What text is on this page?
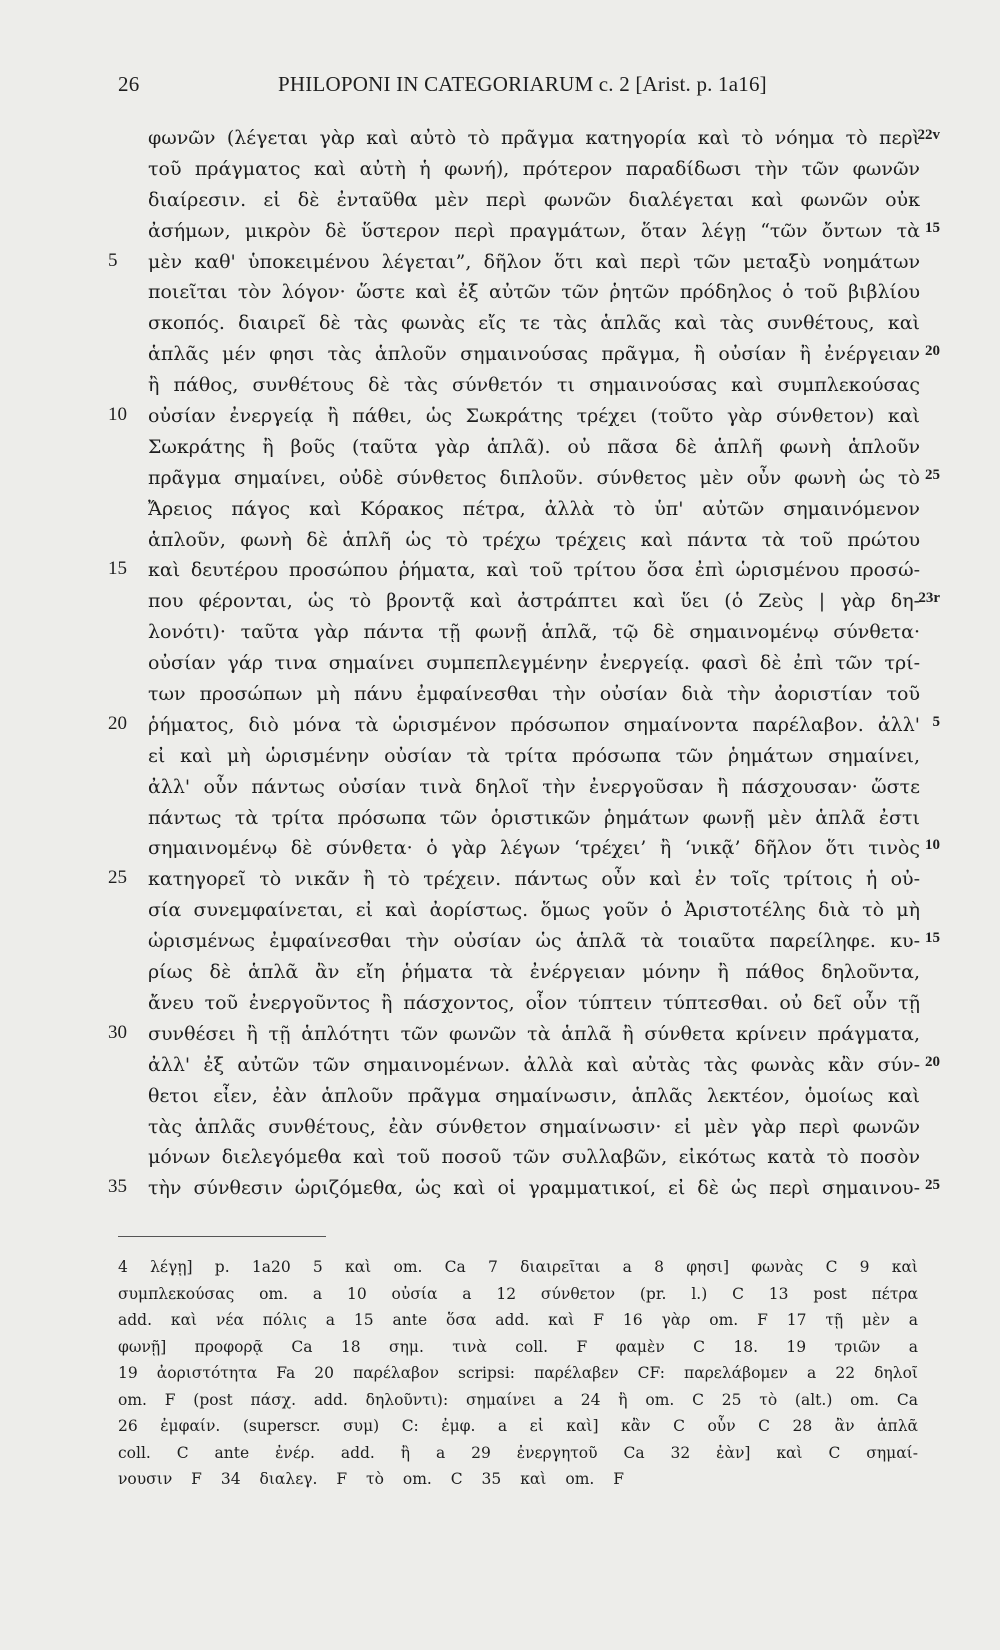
26	PHILOPONI IN CATEGORIARUM c. 2 [Arist. p. 1a16]
φωνῶν (λέγεται γὰρ καὶ αὐτὸ τὸ πρᾶγμα κατηγορία καὶ τὸ νόημα τὸ περὶ
22v
τοῦ πράγματος καὶ αὐτὴ ἡ φωνή), πρότερον παραδίδωσι τὴν τῶν φωνῶν
διαίρεσιν. εἰ δὲ ἐνταῦθα μὲν περὶ φωνῶν διαλέγεται καὶ φωνῶν οὐκ
ἀσήμων, μικρὸν δὲ ὕστερον περὶ πραγμάτων, ὅταν λέγῃ “τῶν ὄντων τὰ 15
5	μὲν καθ' ὑποκειμένου λέγεται”, δῆλον ὅτι καὶ περὶ τῶν μεταξὺ νοημάτων
ποιεῖται τὸν λόγον· ὥστε καὶ ἐξ αὐτῶν τῶν ῥητῶν πρόδηλος ὁ τοῦ βιβλίου
σκοπός. διαιρεῖ δὲ τὰς φωνὰς εἴς τε τὰς ἁπλᾶς καὶ τὰς συνθέτους, καὶ
ἁπλᾶς μέν φησι τὰς ἁπλοῦν σημαινούσας πρᾶγμα, ἢ οὐσίαν ἢ ἐνέργειαν 20
ἢ πάθος, συνθέτους δὲ τὰς σύνθετόν τι σημαινούσας καὶ συμπλεκούσας
10	οὐσίαν ἐνεργείᾳ ἢ πάθει, ὡς Σωκράτης τρέχει (τοῦτο γὰρ σύνθετον) καὶ
Σωκράτης ἢ βοῦς (ταῦτα γὰρ ἁπλᾶ). οὐ πᾶσα δὲ ἁπλῆ φωνὴ ἁπλοῦν
πρᾶγμα σημαίνει, οὐδὲ σύνθετος διπλοῦν. σύνθετος μὲν οὖν φωνὴ ὡς τὸ 25
Ἄρειος πάγος καὶ Κόρακος πέτρα, ἀλλὰ τὸ ὑπ' αὐτῶν σημαινόμενον
ἁπλοῦν, φωνὴ δὲ ἁπλῆ ὡς τὸ τρέχω τρέχεις καὶ πάντα τὰ τοῦ πρώτου
15	καὶ δευτέρου προσώπου ῥήματα, καὶ τοῦ τρίτου ὅσα ἐπὶ ὡρισμένου προσώ-
που φέρονται, ὡς τὸ βροντᾷ καὶ ἀστράπτει καὶ ὕει (ὁ Ζεὺς | γὰρ δη-
23r
λονότι)· ταῦτα γὰρ πάντα τῇ φωνῇ ἁπλᾶ, τῷ δὲ σημαινομένῳ σύνθετα·
οὐσίαν γάρ τινα σημαίνει συμπεπλεγμένην ἐνεργείᾳ. φασὶ δὲ ἐπὶ τῶν τρί-
των προσώπων μὴ πάνυ ἐμφαίνεσθαι τὴν οὐσίαν διὰ τὴν ἀοριστίαν τοῦ
20	ῥήματος, διὸ μόνα τὰ ὡρισμένον πρόσωπον σημαίνοντα παρέλαβον. ἀλλ' 5
εἰ καὶ μὴ ὡρισμένην οὐσίαν τὰ τρίτα πρόσωπα τῶν ῥημάτων σημαίνει,
ἀλλ' οὖν πάντως οὐσίαν τινὰ δηλοῖ τὴν ἐνεργοῦσαν ἢ πάσχουσαν· ὥστε
πάντως τὰ τρίτα πρόσωπα τῶν ὁριστικῶν ῥημάτων φωνῇ μὲν ἁπλᾶ ἐστι
σημαινομένῳ δὲ σύνθετα· ὁ γὰρ λέγων ‘τρέχει’ ἢ ‘νικᾷ’ δῆλον ὅτι τινὸς 10
25	κατηγορεῖ τὸ νικᾶν ἢ τὸ τρέχειν. πάντως οὖν καὶ ἐν τοῖς τρίτοις ἡ οὐ-
σία συνεμφαίνεται, εἰ καὶ ἀορίστως. ὅμως γοῦν ὁ Ἀριστοτέλης διὰ τὸ μὴ
ὡρισμένως ἐμφαίνεσθαι τὴν οὐσίαν ὡς ἁπλᾶ τὰ τοιαῦτα παρείληφε. κυ- 15
ρίως δὲ ἁπλᾶ ἂν εἴη ῥήματα τὰ ἐνέργειαν μόνην ἢ πάθος δηλοῦντα,
ἄνευ τοῦ ἐνεργοῦντος ἢ πάσχοντος, οἷον τύπτειν τύπτεσθαι. οὐ δεῖ οὖν τῇ
30	συνθέσει ἢ τῇ ἁπλότητι τῶν φωνῶν τὰ ἁπλᾶ ἢ σύνθετα κρίνειν πράγματα,
ἀλλ' ἐξ αὐτῶν τῶν σημαινομένων. ἀλλὰ καὶ αὐτὰς τὰς φωνὰς κἂν σύν- 20
θετοι εἶεν, ἐὰν ἁπλοῦν πρᾶγμα σημαίνωσιν, ἁπλᾶς λεκτέον, ὁμοίως καὶ
τὰς ἁπλᾶς συνθέτους, ἐὰν σύνθετον σημαίνωσιν· εἰ μὲν γὰρ περὶ φωνῶν
μόνων διελεγόμεθα καὶ τοῦ ποσοῦ τῶν συλλαβῶν, εἰκότως κατὰ τὸ ποσὸν
35	τὴν σύνθεσιν ὡριζόμεθα, ὡς καὶ οἱ γραμματικοί, εἰ δὲ ὡς περὶ σημαινου- 25
4 λέγῃ] p. 1a20 5 καὶ om. Ca 7 διαιρεῖται a 8 φησι] φωνὰς C 9 καὶ
συμπλεκούσας om. a 10 οὐσία a 12 σύνθετον (pr. l.) C 13 post πέτρα
add. καὶ νέα πόλις a 15 ante ὅσα add. καὶ F 16 γὰρ om. F 17 τῇ μὲν a
φωνῇ] προφορᾷ Ca 18 σημ. τινὰ coll. F φαμὲν C 18. 19 τριῶν a
19 ἀοριστότητα Fa 20 παρέλαβον scripsi: παρέλαβεν CF: παρελάβομεν a 22 δηλοῖ
om. F (post πάσχ. add. δηλοῦντι): σημαίνει a 24 ἢ om. C 25 τὸ (alt.) om. Ca
26 ἐμφαίν. (superscr. συμ) C: ἐμφ. a εἰ καὶ] κἂν C οὖν C 28 ἂν ἁπλᾶ
coll. C ante ἐνέρ. add. ἢ a 29 ἐνεργητοῦ Ca 32 ἐὰν] καὶ C σημαί-
νουσιν F 34 διαλεγ. F τὸ om. C 35 καὶ om. F
